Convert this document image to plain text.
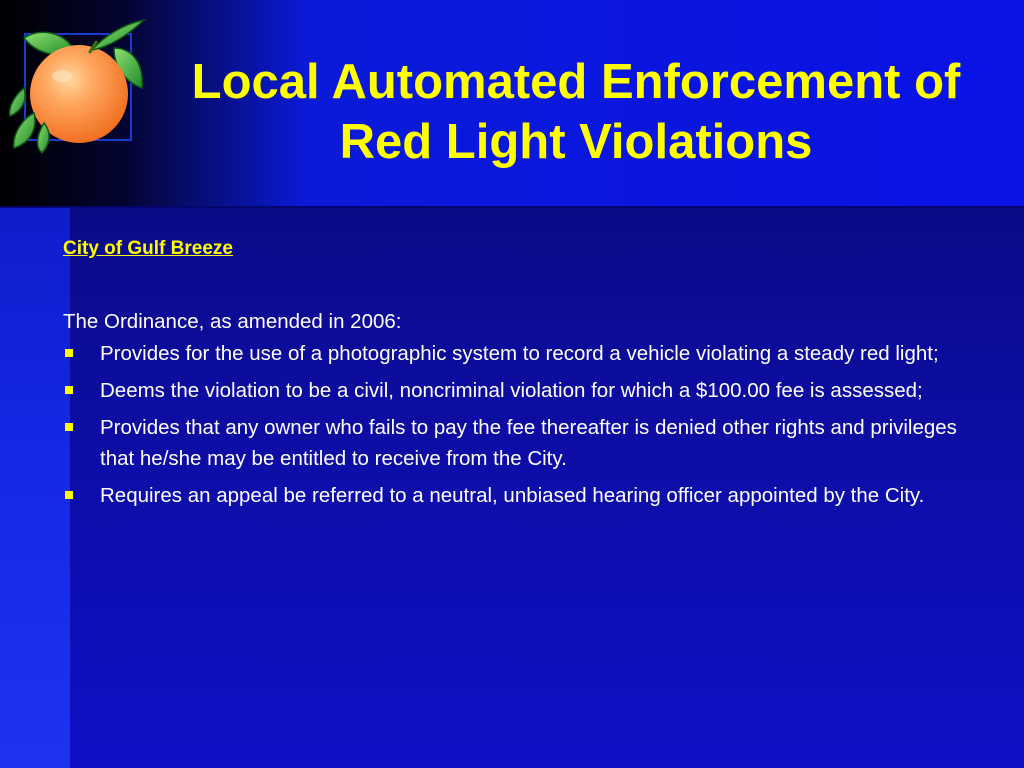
Local Automated Enforcement of Red Light Violations

City of Gulf Breeze

The Ordinance, as amended in 2006:

Provides for the use of a photographic system to record a vehicle violating a steady red light;
Deems the violation to be a civil, noncriminal violation for which a $100.00 fee is assessed;
Provides that any owner who fails to pay the fee thereafter is denied other rights and privileges that he/she may be entitled to receive from the City.
Requires an appeal be referred to a neutral, unbiased hearing officer appointed by the City.
